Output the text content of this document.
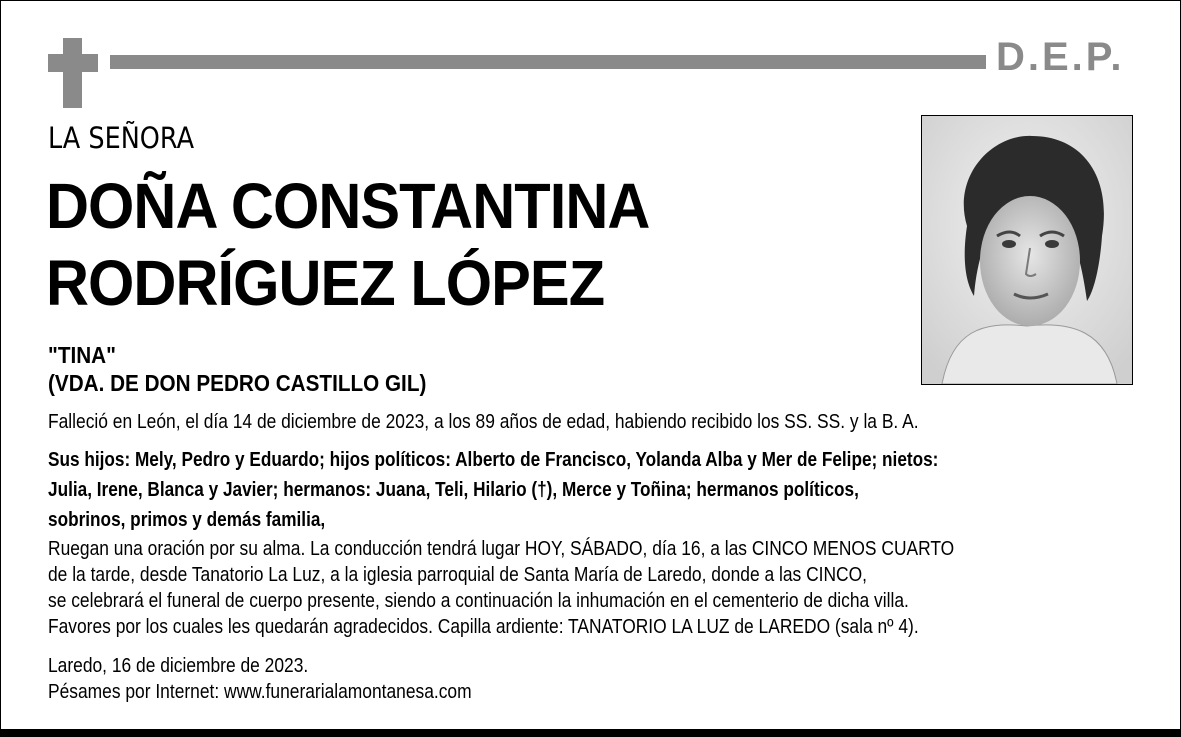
D.E.P.
LA SEÑORA
DOÑA CONSTANTINA
RODRÍGUEZ LÓPEZ
"TINA"
(VDA. DE DON PEDRO CASTILLO GIL)
Falleció en León, el día 14 de diciembre de 2023, a los 89 años de edad, habiendo recibido los SS. SS. y la B. A.
Sus hijos: Mely, Pedro y Eduardo; hijos políticos: Alberto de Francisco, Yolanda Alba y Mer de Felipe; nietos:
Julia, Irene, Blanca y Javier; hermanos: Juana, Teli, Hilario (†), Merce y Toñina; hermanos políticos,
sobrinos, primos y demás familia,
Ruegan una oración por su alma. La conducción tendrá lugar HOY, SÁBADO, día 16, a las CINCO MENOS CUARTO
de la tarde, desde Tanatorio La Luz, a la iglesia parroquial de Santa María de Laredo, donde a las CINCO,
se celebrará el funeral de cuerpo presente, siendo a continuación la inhumación en el cementerio de dicha villa.
Favores por los cuales les quedarán agradecidos. Capilla ardiente: TANATORIO LA LUZ de LAREDO (sala nº 4).
Laredo, 16 de diciembre de 2023.
Pésames por Internet: www.funerarialamontanesa.com
